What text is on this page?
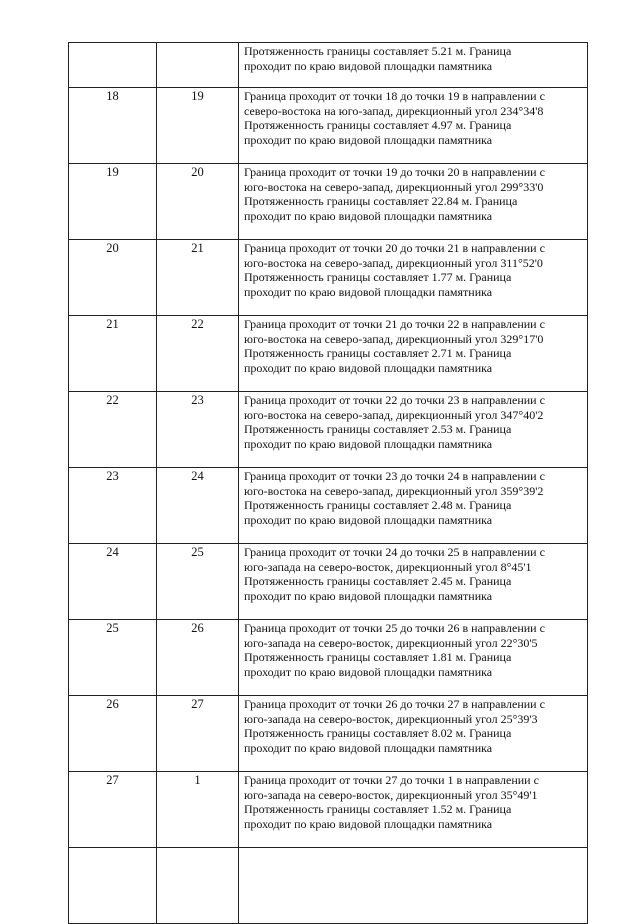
		Протяженность границы составляет 5.21 м. Граница
проходит по краю видовой площадки памятника

18	19	Граница проходит от точки 18 до точки 19 в направлении с
северо-востока на юго-запад, дирекционный угол 234°34'8
Протяженность границы составляет 4.97 м. Граница
проходит по краю видовой площадки памятника

19	20	Граница проходит от точки 19 до точки 20 в направлении с
юго-востока на северо-запад, дирекционный угол 299°33'0
Протяженность границы составляет 22.84 м. Граница
проходит по краю видовой площадки памятника

20	21	Граница проходит от точки 20 до точки 21 в направлении с
юго-востока на северо-запад, дирекционный угол 311°52'0
Протяженность границы составляет 1.77 м. Граница
проходит по краю видовой площадки памятника

21	22	Граница проходит от точки 21 до точки 22 в направлении с
юго-востока на северо-запад, дирекционный угол 329°17'0
Протяженность границы составляет 2.71 м. Граница
проходит по краю видовой площадки памятника

22	23	Граница проходит от точки 22 до точки 23 в направлении с
юго-востока на северо-запад, дирекционный угол 347°40'2
Протяженность границы составляет 2.53 м. Граница
проходит по краю видовой площадки памятника

23	24	Граница проходит от точки 23 до точки 24 в направлении с
юго-востока на северо-запад, дирекционный угол 359°39'2
Протяженность границы составляет 2.48 м. Граница
проходит по краю видовой площадки памятника

24	25	Граница проходит от точки 24 до точки 25 в направлении с
юго-запада на северо-восток, дирекционный угол 8°45'1
Протяженность границы составляет 2.45 м. Граница
проходит по краю видовой площадки памятника

25	26	Граница проходит от точки 25 до точки 26 в направлении с
юго-запада на северо-восток, дирекционный угол 22°30'5
Протяженность границы составляет 1.81 м. Граница
проходит по краю видовой площадки памятника

26	27	Граница проходит от точки 26 до точки 27 в направлении с
юго-запада на северо-восток, дирекционный угол 25°39'3
Протяженность границы составляет 8.02 м. Граница
проходит по краю видовой площадки памятника

27	1	Граница проходит от точки 27 до точки 1 в направлении с
юго-запада на северо-восток, дирекционный угол 35°49'1
Протяженность границы составляет 1.52 м. Граница
проходит по краю видовой площадки памятника
